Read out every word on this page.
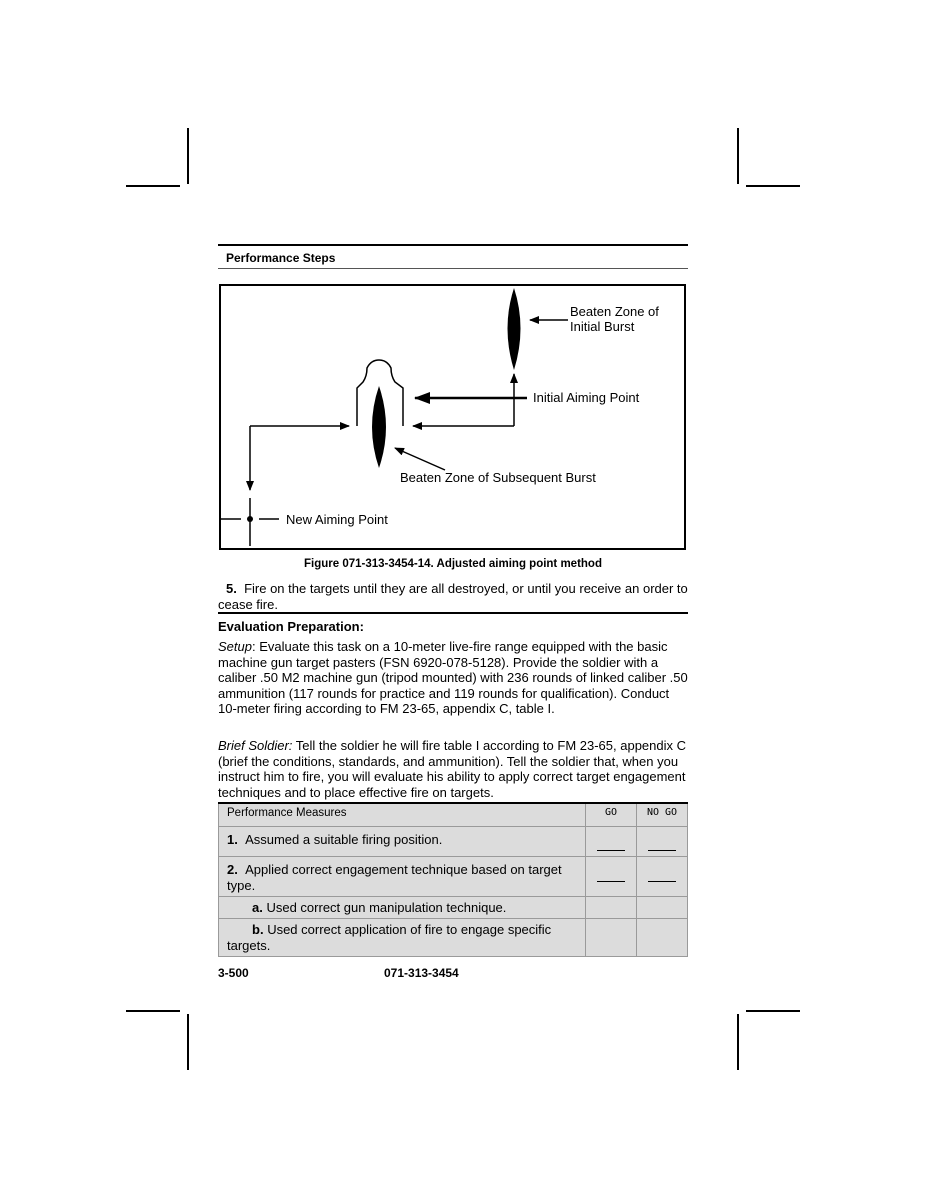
Performance Steps
Beaten Zone of
Initial Burst
Initial Aiming Point
Beaten Zone of Subsequent Burst
New Aiming Point
Figure 071-313-3454-14. Adjusted aiming point method
5. Fire on the targets until they are all destroyed, or until you receive an order to cease fire.
Evaluation Preparation:
Setup: Evaluate this task on a 10-meter live-fire range equipped with the basic machine gun target pasters (FSN 6920-078-5128). Provide the soldier with a caliber .50 M2 machine gun (tripod mounted) with 236 rounds of linked caliber .50 ammunition (117 rounds for practice and 119 rounds for qualification). Conduct 10-meter firing according to FM 23-65, appendix C, table I.
Brief Soldier: Tell the soldier he will fire table I according to FM 23-65, appendix C (brief the conditions, standards, and ammunition). Tell the soldier that, when you instruct him to fire, you will evaluate his ability to apply correct target engagement techniques and to place effective fire on targets.
Performance Measures	GO	NO GO
1. Assumed a suitable firing position.		
2. Applied correct engagement technique based on target type.		
a. Used correct gun manipulation technique.		
b. Used correct application of fire to engage specific targets.		
3-500	071-313-3454
